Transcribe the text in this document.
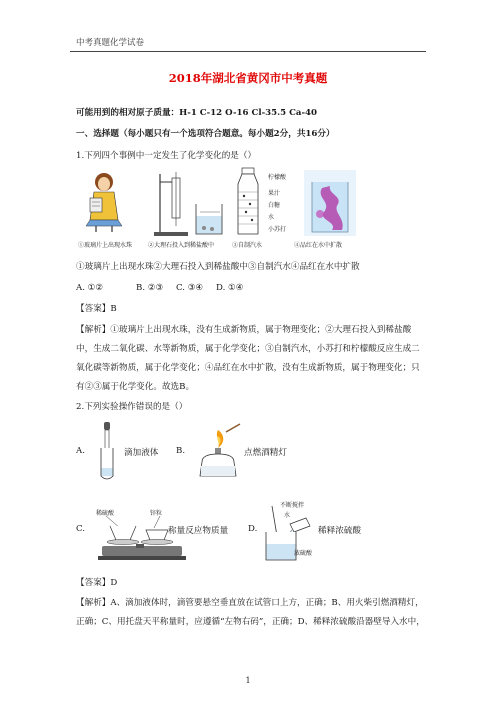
中考真题化学试卷
2018年湖北省黄冈市中考真题
可能用到的相对原子质量：H-1 C-12 O-16 Cl-35.5 Ca-40
一、选择题（每小题只有一个选项符合题意。每小题2分，共16分）
1.下列四个事例中一定发生了化学变化的是（）
①玻璃片上出现水珠	②大理石投入到稀盐酸中
柠檬酸
果汁
白糖
水
小苏打
③自制汽水	④品红在水中扩散
①玻璃片上出现水珠②大理石投入到稀盐酸中③自制汽水④品红在水中扩散
A. ①②	B. ②③ C. ③④ D. ①④
【答案】B
【解析】①玻璃片上出现水珠，没有生成新物质，属于物理变化；②大理石投入到稀盐酸中，生成二氧化碳、水等新物质，属于化学变化；③自制汽水，小苏打和柠檬酸反应生成二氧化碳等新物质，属于化学变化；④品红在水中扩散，没有生成新物质，属于物理变化；只有②③属于化学变化。故选B。
2.下列实验操作错误的是（）
A.	滴加液体 B.	点燃酒精灯
稀硫酸	锌粒
C.	称量反应物质量
不断搅拌
水
浓硫酸
D.	稀释浓硫酸
【答案】D
【解析】A、滴加液体时，滴管要悬空垂直放在试管口上方，正确；B、用火柴引燃酒精灯，正确；C、用托盘天平称量时，应遵循“左物右码”，正确；D、稀释浓硫酸沿器壁导入水中，
1
